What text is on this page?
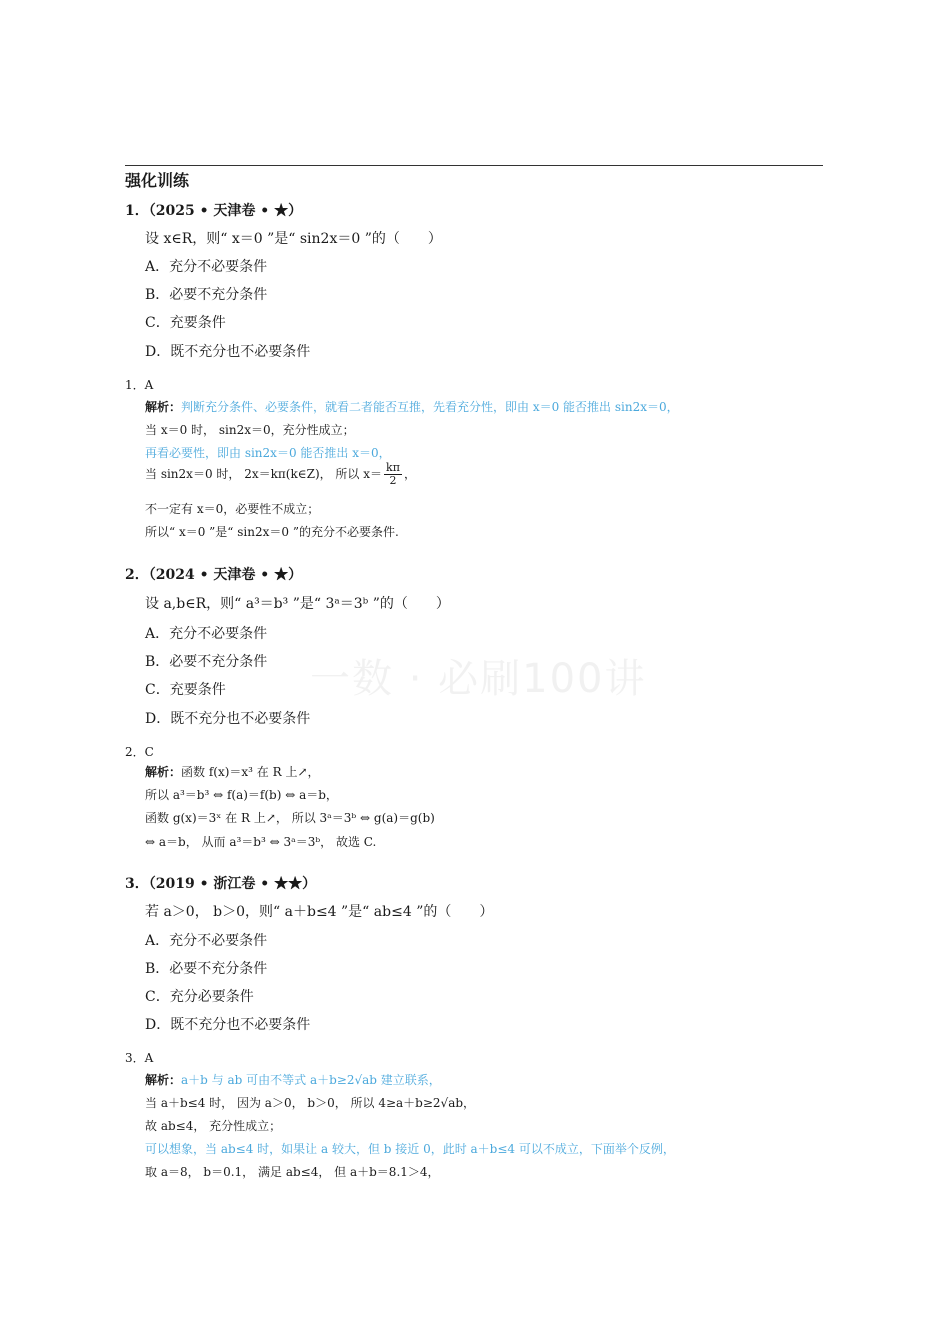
强化训练
一数 · 必刷100讲
1．（2025 • 天津卷 • ★）
设 x∈R，则“ x＝0 ”是“ sin2x＝0 ”的（　　）
A．充分不必要条件
B．必要不充分条件
C．充要条件
D．既不充分也不必要条件
1．A
解析：判断充分条件、必要条件，就看二者能否互推，先看充分性，即由 x＝0 能否推出 sin2x＝0，
当 x＝0 时， sin2x＝0，充分性成立；
再看必要性，即由 sin2x＝0 能否推出 x＝0，
当 sin2x＝0 时， 2x＝kπ(k∈Z)， 所以 $x= \frac{k\pi}{2}$ ，
不一定有 x＝0，必要性不成立；
所以“ x＝0 ”是“ sin2x＝0 ”的充分不必要条件.
2．（2024 • 天津卷 • ★）
设 a,b∈R，则“ a³＝b³ ”是“ 3ᵃ＝3ᵇ ”的（　　）
A．充分不必要条件
B．必要不充分条件
C．充要条件
D．既不充分也不必要条件
2．C
解析：函数 f(x)＝x³ 在 R 上↗，
所以 a³＝b³ ⇔ f(a)＝f(b) ⇔ a＝b，
函数 g(x)＝3ˣ 在 R 上↗， 所以 3ᵃ＝3ᵇ ⇔ g(a)＝g(b)
⇔ a＝b， 从而 a³＝b³ ⇔ 3ᵃ＝3ᵇ， 故选 C.
3．（2019 • 浙江卷 • ★★）
若 a＞0， b＞0，则“ a＋b≤4 ”是“ ab≤4 ”的（　　）
A．充分不必要条件
B．必要不充分条件
C．充分必要条件
D．既不充分也不必要条件
3．A
解析：a＋b 与 ab 可由不等式 a＋b≥2√ab 建立联系，
当 a＋b≤4 时， 因为 a＞0， b＞0， 所以 4≥a＋b≥2√ab，
故 ab≤4， 充分性成立；
可以想象，当 ab≤4 时，如果让 a 较大，但 b 接近 0，此时 a＋b≤4 可以不成立，下面举个反例，
取 a＝8， b＝0.1， 满足 ab≤4， 但 a＋b＝8.1＞4，
